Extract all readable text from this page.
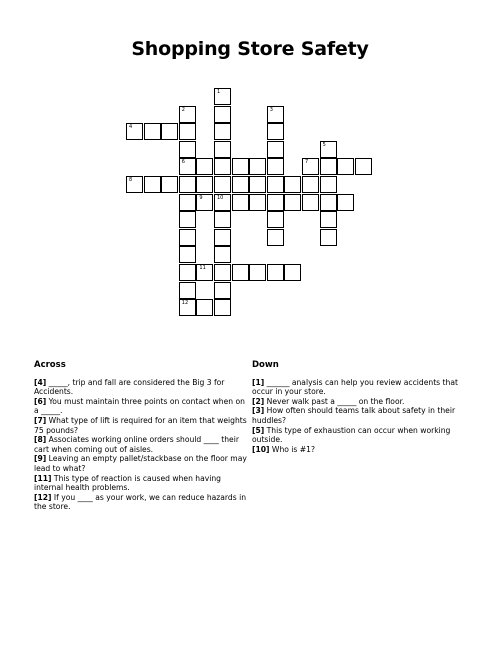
Shopping Store Safety
1
10
2
6
12
3
4
5
7
8
9
11
Across

[4] _____, trip and fall are considered the Big 3 for Accidents.

[6] You must maintain three points on contact when on a _____.

[7] What type of lift is required for an item that weights 75 pounds?

[8] Associates working online orders should ____ their cart when coming out of aisles.

[9] Leaving an empty pallet/stackbase on the floor may lead to what?

[11] This type of reaction is caused when having internal health problems.

[12] If you ____ as your work, we can reduce hazards in the store.

Down

[1] ______ analysis can help you review accidents that occur in your store.

[2] Never walk past a _____ on the floor.

[3] How often should teams talk about safety in their huddles?

[5] This type of exhaustion can occur when working outside.

[10] Who is #1?
